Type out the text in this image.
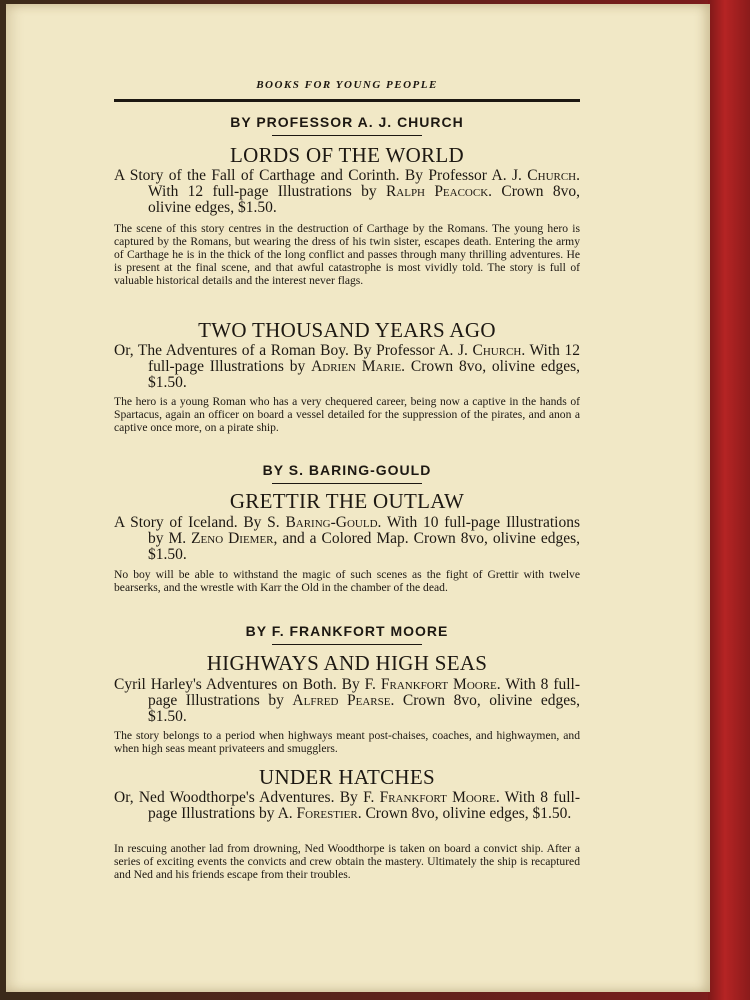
BOOKS FOR YOUNG PEOPLE

BY PROFESSOR A. J. CHURCH

LORDS OF THE WORLD

A Story of the Fall of Carthage and Corinth. By Professor A. J. Church. With 12 full-page Illustrations by Ralph Peacock. Crown 8vo, olivine edges, $1.50.

The scene of this story centres in the destruction of Carthage by the Romans. The young hero is captured by the Romans, but wearing the dress of his twin sister, escapes death. Entering the army of Carthage he is in the thick of the long conflict and passes through many thrilling adventures. He is present at the final scene, and that awful catastrophe is most vividly told. The story is full of valuable historical details and the interest never flags.

TWO THOUSAND YEARS AGO

Or, The Adventures of a Roman Boy. By Professor A. J. Church. With 12 full-page Illustrations by Adrien Marie. Crown 8vo, olivine edges, $1.50.

The hero is a young Roman who has a very chequered career, being now a captive in the hands of Spartacus, again an officer on board a vessel detailed for the suppression of the pirates, and anon a captive once more, on a pirate ship.

BY S. BARING-GOULD

GRETTIR THE OUTLAW

A Story of Iceland. By S. Baring-Gould. With 10 full-page Illustrations by M. Zeno Diemer, and a Colored Map. Crown 8vo, olivine edges, $1.50.

No boy will be able to withstand the magic of such scenes as the fight of Grettir with twelve bearserks, and the wrestle with Karr the Old in the chamber of the dead.

BY F. FRANKFORT MOORE

HIGHWAYS AND HIGH SEAS

Cyril Harley's Adventures on Both. By F. Frankfort Moore. With 8 full-page Illustrations by Alfred Pearse. Crown 8vo, olivine edges, $1.50.

The story belongs to a period when highways meant post-chaises, coaches, and highwaymen, and when high seas meant privateers and smugglers.

UNDER HATCHES

Or, Ned Woodthorpe's Adventures. By F. Frankfort Moore. With 8 full-page Illustrations by A. Forestier. Crown 8vo, olivine edges, $1.50.

In rescuing another lad from drowning, Ned Woodthorpe is taken on board a convict ship. After a series of exciting events the convicts and crew obtain the mastery. Ultimately the ship is recaptured and Ned and his friends escape from their troubles.
